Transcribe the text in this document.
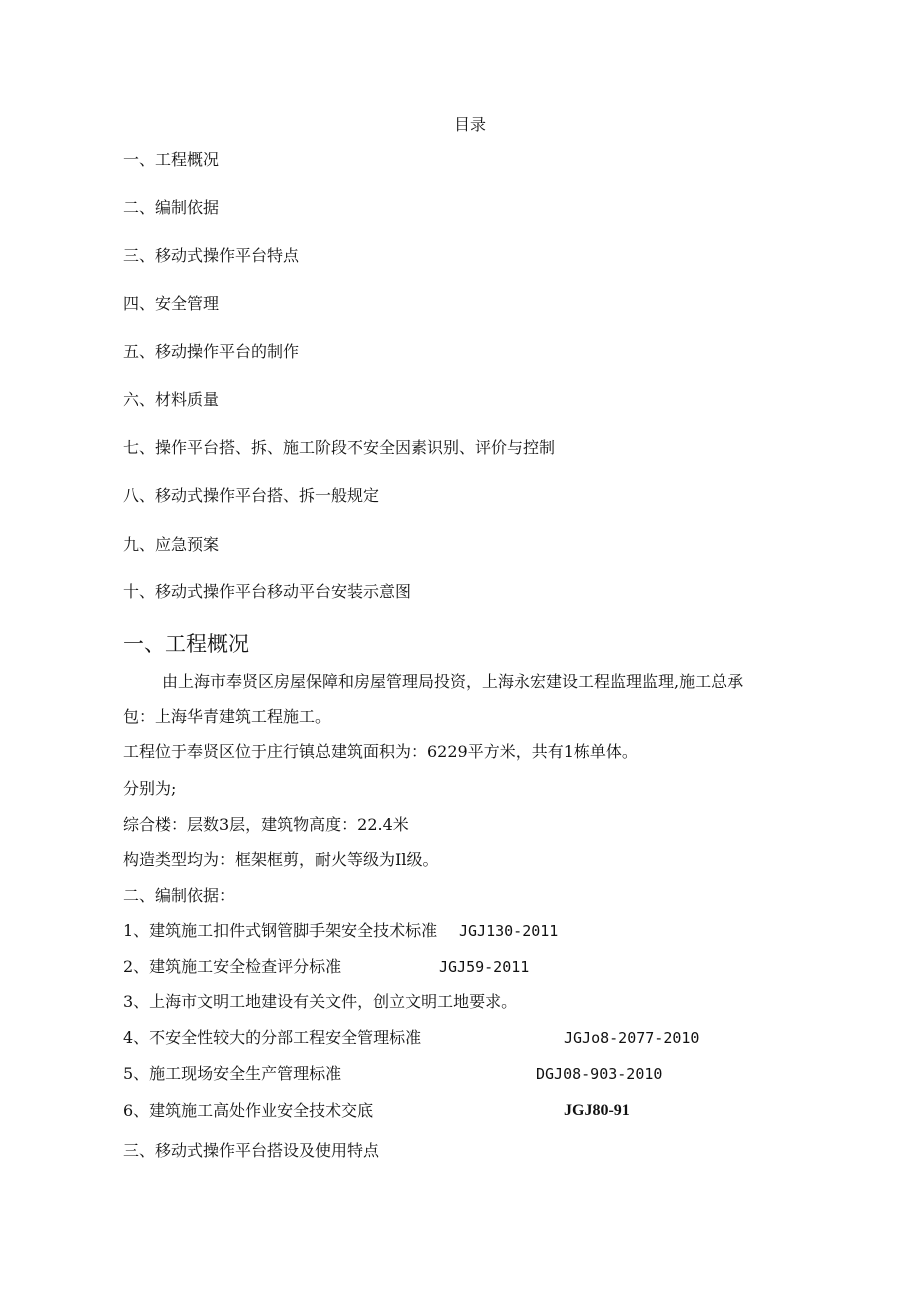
目录
一、工程概况
二、编制依据
三、移动式操作平台特点
四、安全管理
五、移动操作平台的制作
六、材料质量
七、操作平台搭、拆、施工阶段不安全因素识别、评价与控制
八、移动式操作平台搭、拆一般规定
九、应急预案
十、移动式操作平台移动平台安装示意图
一、工程概况
由上海市奉贤区房屋保障和房屋管理局投资，上海永宏建设工程监理监理,施工总承
包：上海华青建筑工程施工。
工程位于奉贤区位于庄行镇总建筑面积为：6229平方米，共有1栋单体。
分别为;
综合楼：层数3层，建筑物高度：22.4米
构造类型均为：框架框剪，耐火等级为Il级。
二、编制依据：
1、建筑施工扣件式钢管脚手架安全技术标准 JGJ130-2011
2、建筑施工安全检查评分标准	JGJ59-2011
3、上海市文明工地建设有关文件，创立文明工地要求。
4、不安全性较大的分部工程安全管理标准	JGJo8-2077-2010
5、施工现场安全生产管理标准	DGJ08-903-2010
6、建筑施工高处作业安全技术交底	JGJ80-91
三、移动式操作平台搭设及使用特点
